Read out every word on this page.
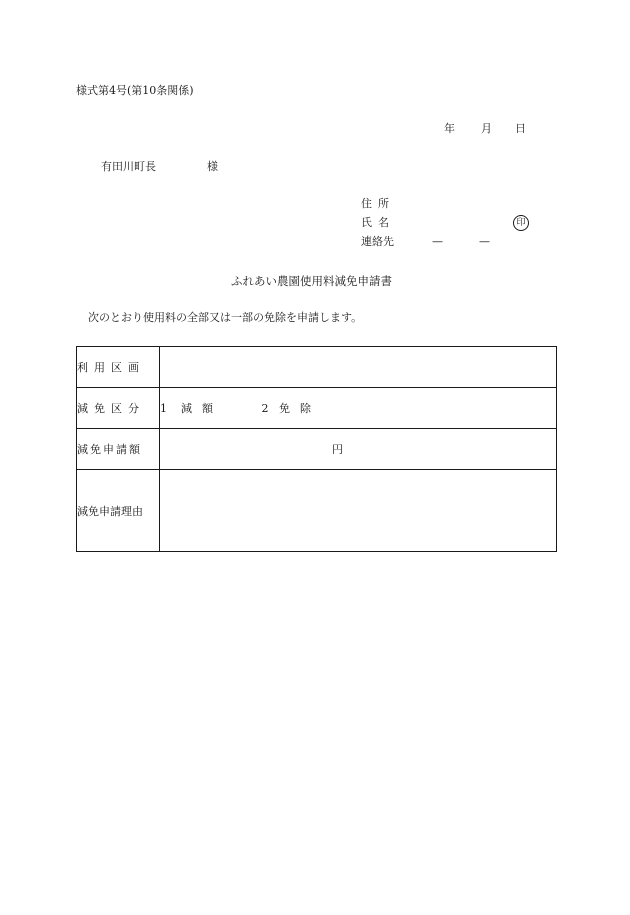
様式第4号(第10条関係)
年 月 日
有田川町長	様
住所
氏名	印
連絡先	—	—
ふれあい農園使用料減免申請書
次のとおり使用料の全部又は一部の免除を申請します。
利用区画	
減免区分	1 減額 2 免除
減免申請額	円
減免申請理由	
